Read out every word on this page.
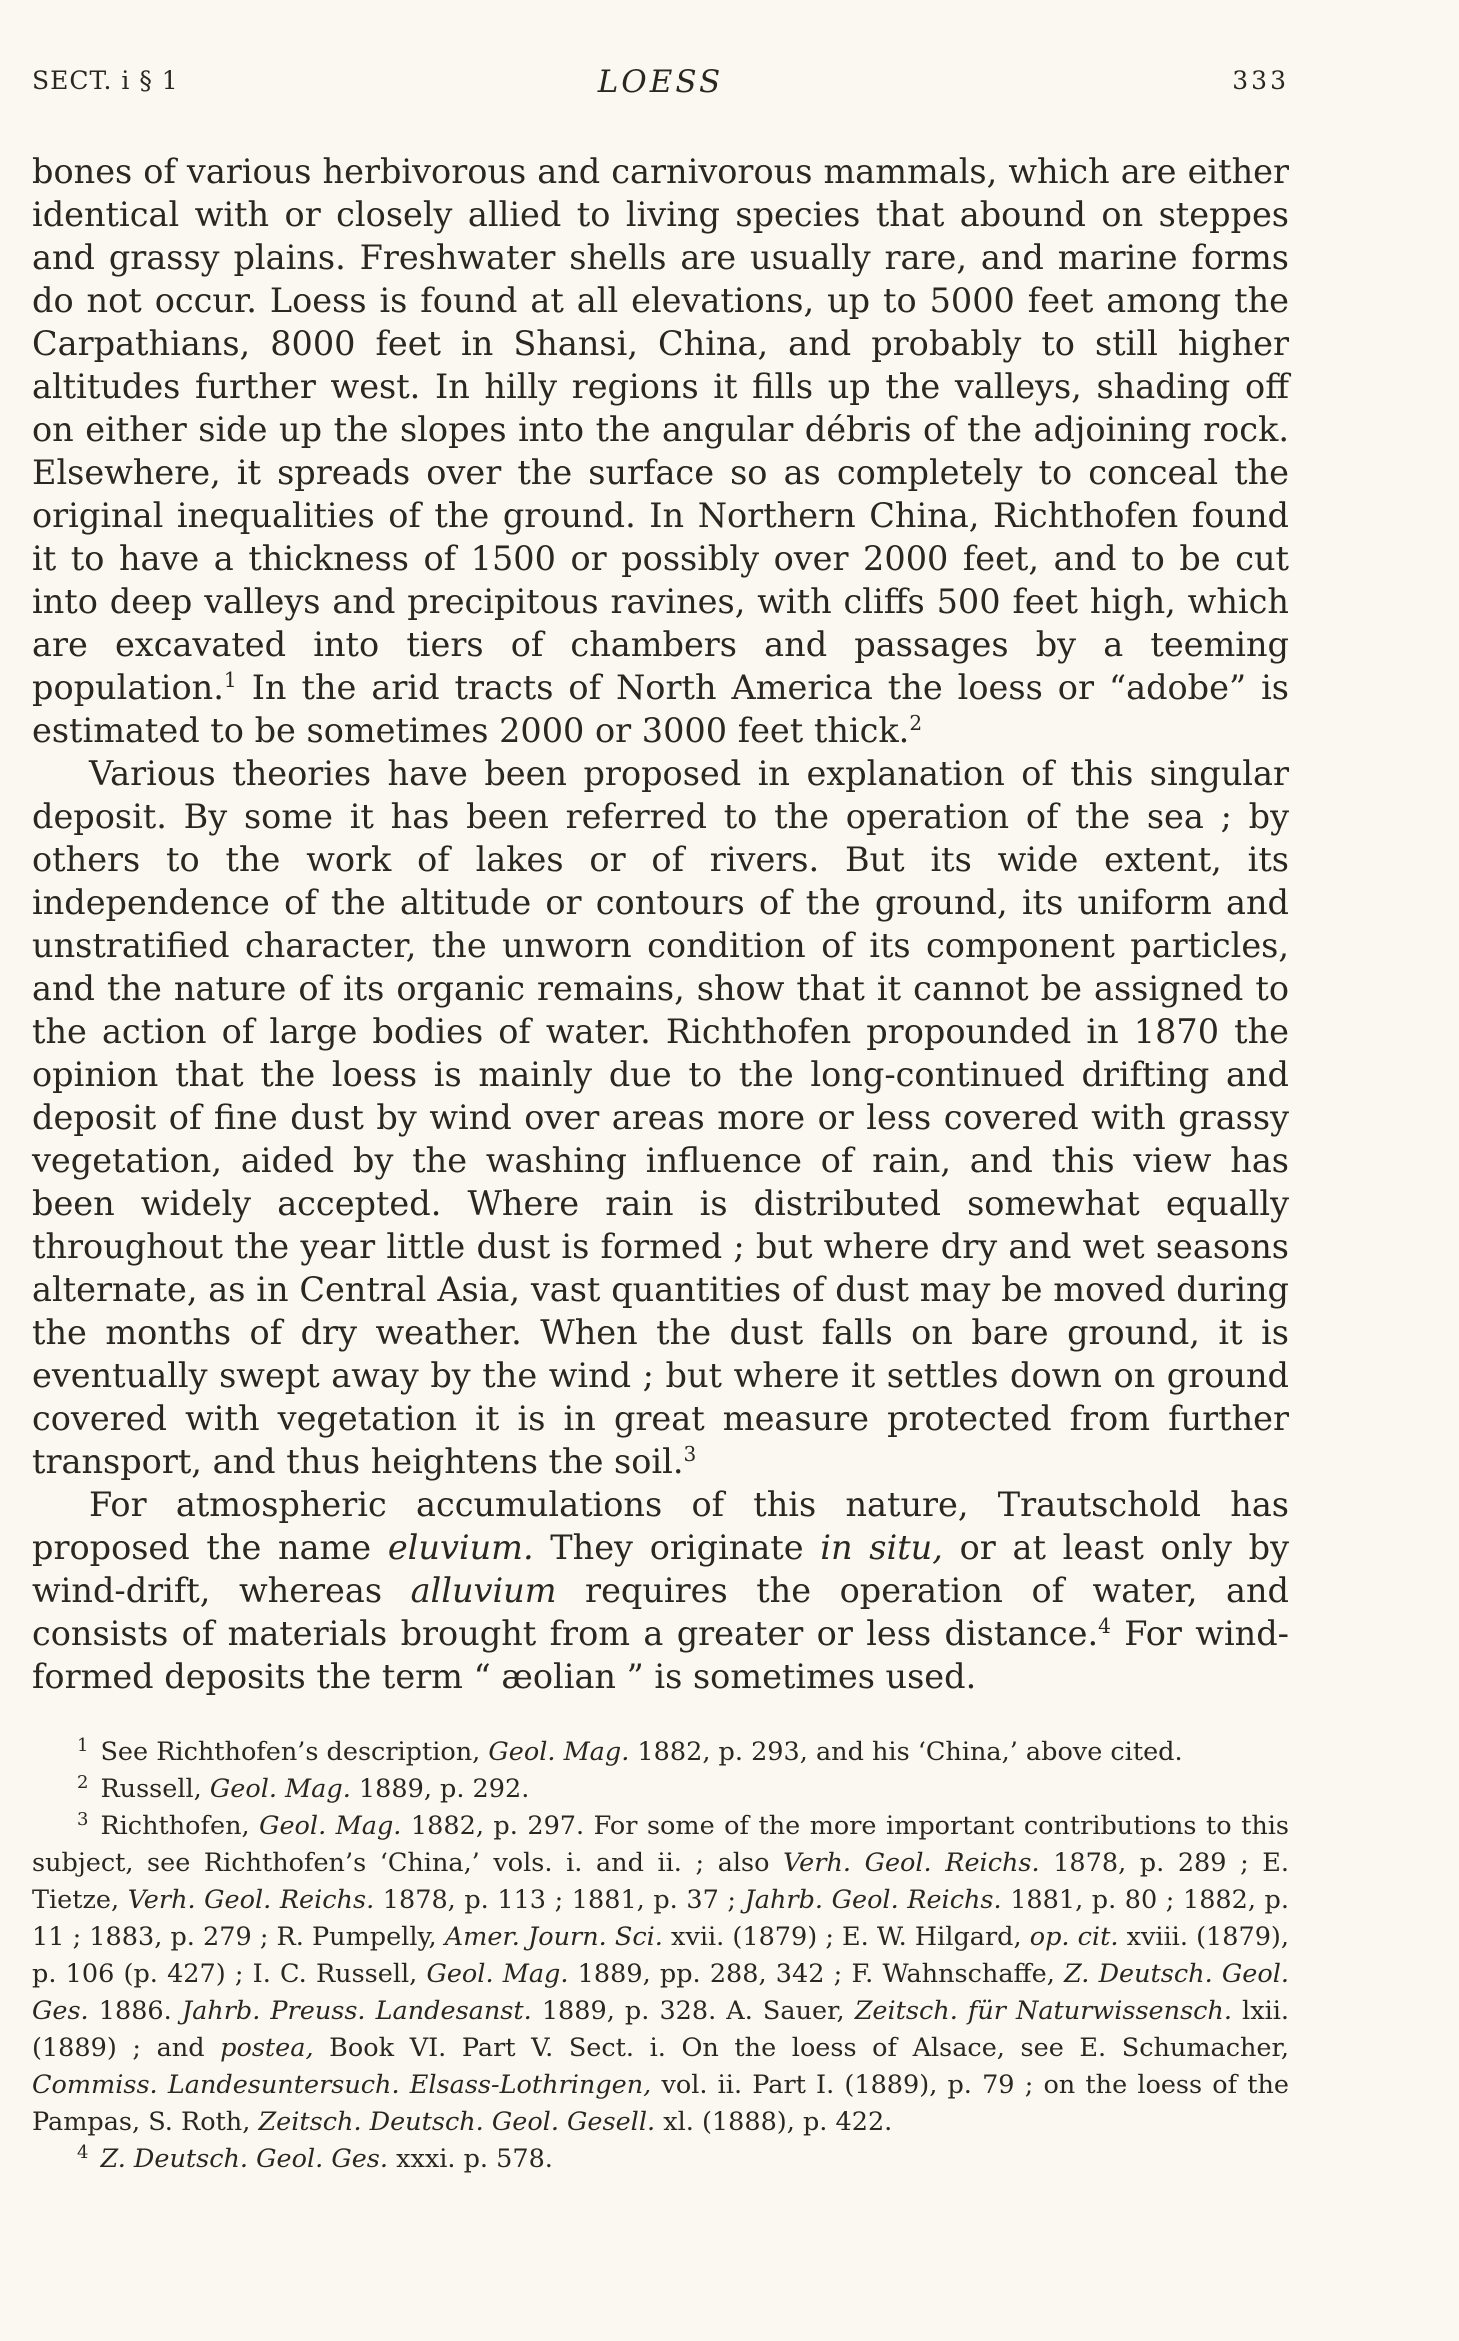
SECT. i § 1	LOESS	333

bones of various herbivorous and carnivorous mammals, which are either identical with or closely allied to living species that abound on steppes and grassy plains. Freshwater shells are usually rare, and marine forms do not occur. Loess is found at all elevations, up to 5000 feet among the Carpathians, 8000 feet in Shansi, China, and probably to still higher altitudes further west. In hilly regions it fills up the valleys, shading off on either side up the slopes into the angular débris of the adjoining rock. Elsewhere, it spreads over the surface so as completely to conceal the original inequalities of the ground. In Northern China, Richthofen found it to have a thickness of 1500 or possibly over 2000 feet, and to be cut into deep valleys and precipitous ravines, with cliffs 500 feet high, which are excavated into tiers of chambers and passages by a teeming population.$^1$ In the arid tracts of North America the loess or “adobe” is estimated to be sometimes 2000 or 3000 feet thick.$^2$

Various theories have been proposed in explanation of this singular deposit. By some it has been referred to the operation of the sea ; by others to the work of lakes or of rivers. But its wide extent, its independence of the altitude or contours of the ground, its uniform and unstratified character, the unworn condition of its component particles, and the nature of its organic remains, show that it cannot be assigned to the action of large bodies of water. Richthofen propounded in 1870 the opinion that the loess is mainly due to the long-continued drifting and deposit of fine dust by wind over areas more or less covered with grassy vegetation, aided by the washing influence of rain, and this view has been widely accepted. Where rain is distributed somewhat equally throughout the year little dust is formed ; but where dry and wet seasons alternate, as in Central Asia, vast quantities of dust may be moved during the months of dry weather. When the dust falls on bare ground, it is eventually swept away by the wind ; but where it settles down on ground covered with vegetation it is in great measure protected from further transport, and thus heightens the soil.$^3$

For atmospheric accumulations of this nature, Trautschold has proposed the name eluvium. They originate in situ, or at least only by wind-drift, whereas alluvium requires the operation of water, and consists of materials brought from a greater or less distance.$^4$ For wind-formed deposits the term “ æolian ” is sometimes used.

$^1$ See Richthofen’s description, Geol. Mag. 1882, p. 293, and his ‘China,’ above cited.

$^2$ Russell, Geol. Mag. 1889, p. 292.

$^3$ Richthofen, Geol. Mag. 1882, p. 297. For some of the more important contributions to this subject, see Richthofen’s ‘China,’ vols. i. and ii. ; also Verh. Geol. Reichs. 1878, p. 289 ; E. Tietze, Verh. Geol. Reichs. 1878, p. 113 ; 1881, p. 37 ; Jahrb. Geol. Reichs. 1881, p. 80 ; 1882, p. 11 ; 1883, p. 279 ; R. Pumpelly, Amer. Journ. Sci. xvii. (1879) ; E. W. Hilgard, op. cit. xviii. (1879), p. 106 (p. 427) ; I. C. Russell, Geol. Mag. 1889, pp. 288, 342 ; F. Wahnschaffe, Z. Deutsch. Geol. Ges. 1886. Jahrb. Preuss. Landesanst. 1889, p. 328. A. Sauer, Zeitsch. für Naturwissensch. lxii. (1889) ; and postea, Book VI. Part V. Sect. i. On the loess of Alsace, see E. Schumacher, Commiss. Landesuntersuch. Elsass-Lothringen, vol. ii. Part I. (1889), p. 79 ; on the loess of the Pampas, S. Roth, Zeitsch. Deutsch. Geol. Gesell. xl. (1888), p. 422.

$^4$ Z. Deutsch. Geol. Ges. xxxi. p. 578.
